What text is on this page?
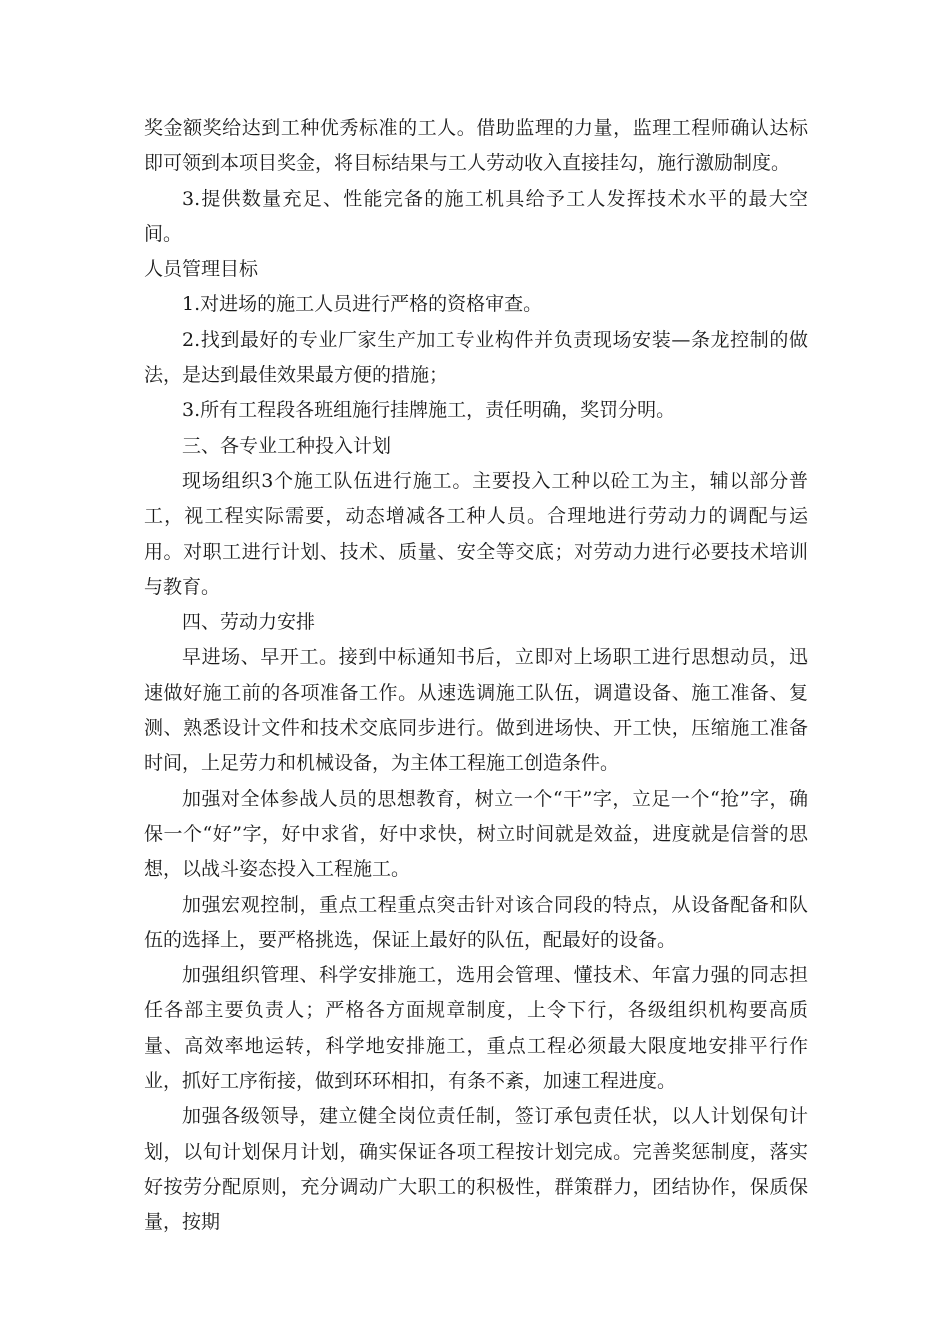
奖金额奖给达到工种优秀标准的工人。借助监理的力量，监理工程师确认达标即可领到本项目奖金，将目标结果与工人劳动收入直接挂勾，施行激励制度。

3.提供数量充足、性能完备的施工机具给予工人发挥技术水平的最大空间。

人员管理目标

1.对进场的施工人员进行严格的资格审查。

2.找到最好的专业厂家生产加工专业构件并负责现场安装—条龙控制的做法，是达到最佳效果最方便的措施；

3.所有工程段各班组施行挂牌施工，责任明确，奖罚分明。

三、各专业工种投入计划

现场组织3个施工队伍进行施工。主要投入工种以砼工为主，辅以部分普工，视工程实际需要，动态增减各工种人员。合理地进行劳动力的调配与运用。对职工进行计划、技术、质量、安全等交底；对劳动力进行必要技术培训与教育。

四、劳动力安排

早进场、早开工。接到中标通知书后，立即对上场职工进行思想动员，迅速做好施工前的各项准备工作。从速选调施工队伍，调遣设备、施工准备、复测、熟悉设计文件和技术交底同步进行。做到进场快、开工快，压缩施工准备时间，上足劳力和机械设备，为主体工程施工创造条件。

加强对全体参战人员的思想教育，树立一个“干”字，立足一个“抢”字，确保一个“好”字，好中求省，好中求快，树立时间就是效益，进度就是信誉的思想，以战斗姿态投入工程施工。

加强宏观控制，重点工程重点突击针对该合同段的特点，从设备配备和队伍的选择上，要严格挑选，保证上最好的队伍，配最好的设备。

加强组织管理、科学安排施工，选用会管理、懂技术、年富力强的同志担任各部主要负责人；严格各方面规章制度，上令下行，各级组织机构要高质量、高效率地运转，科学地安排施工，重点工程必须最大限度地安排平行作业，抓好工序衔接，做到环环相扣，有条不紊，加速工程进度。

加强各级领导，建立健全岗位责任制，签订承包责任状，以人计划保旬计划，以旬计划保月计划，确实保证各项工程按计划完成。完善奖惩制度，落实好按劳分配原则，充分调动广大职工的积极性，群策群力，团结协作，保质保量，按期
